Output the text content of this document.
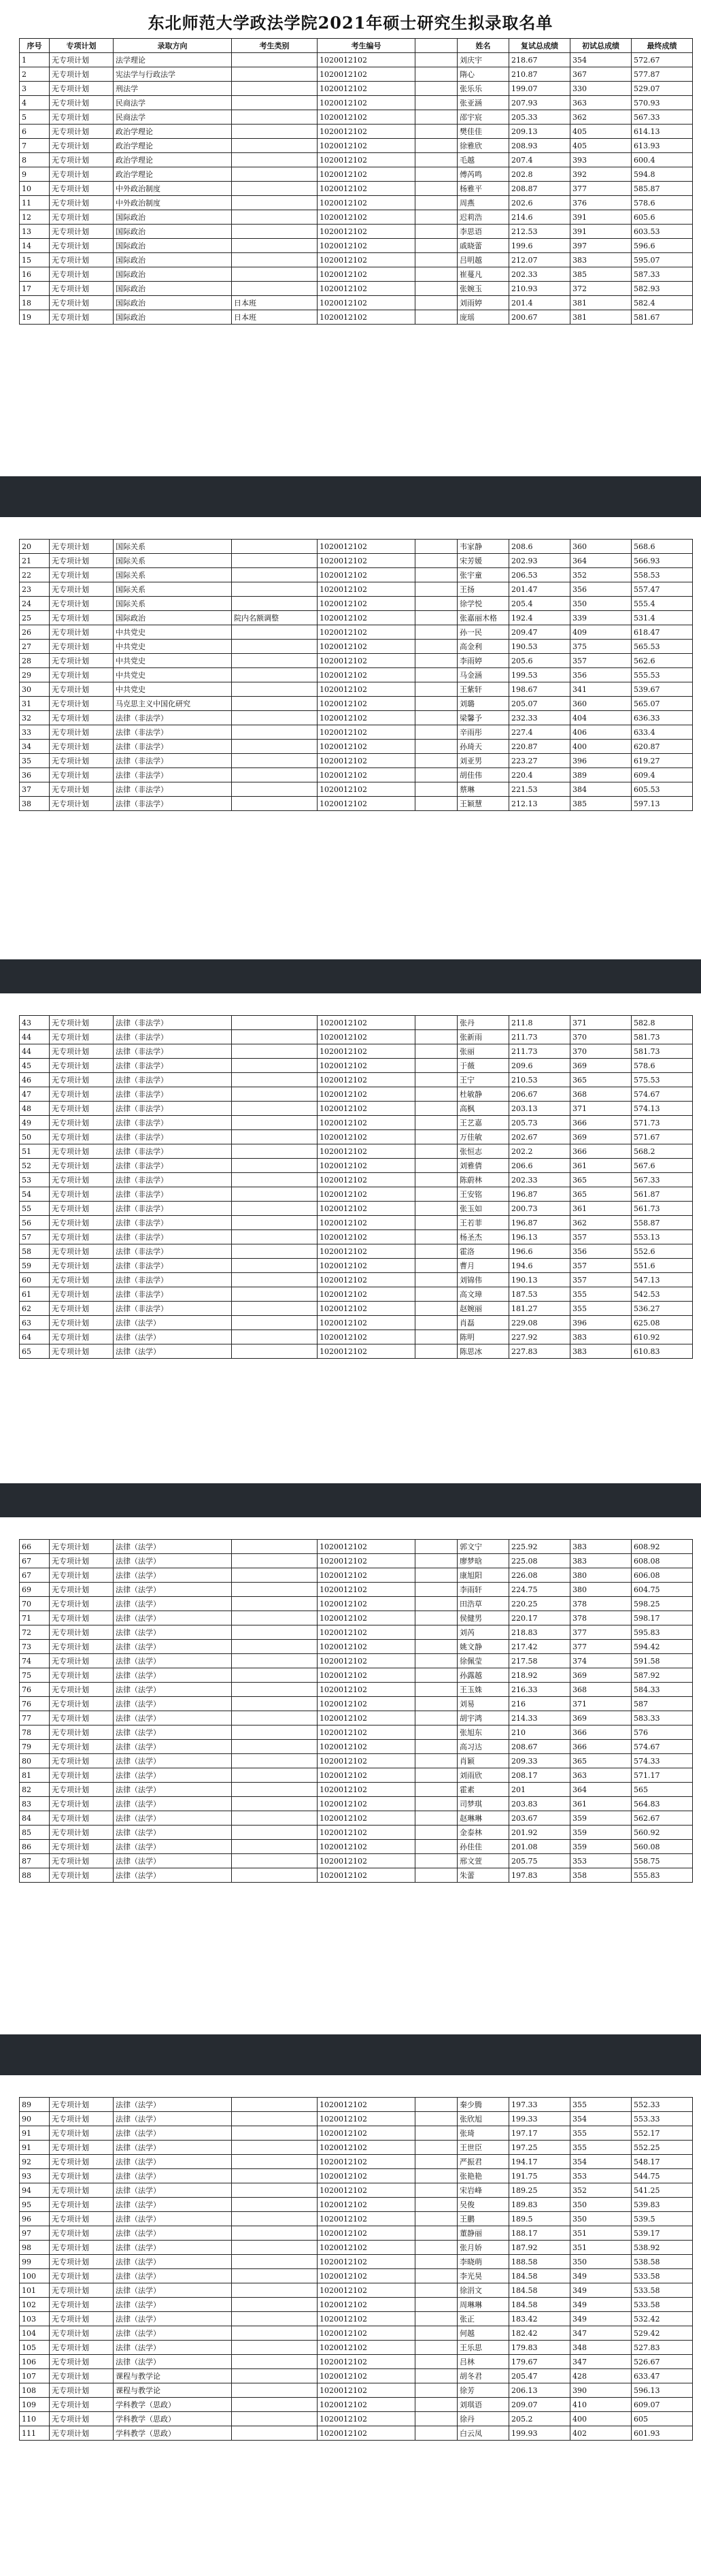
东北师范大学政法学院2021年硕士研究生拟录取名单
序号	专项计划	录取方向	考生类别	考生编号		姓名	复试总成绩	初试总成绩	最终成绩
1	无专项计划	法学理论		1020012102		刘庆宇	218.67	354	572.67
2	无专项计划	宪法学与行政法学		1020012102		隋心	210.87	367	577.87
3	无专项计划	刑法学		1020012102		张乐乐	199.07	330	529.07
4	无专项计划	民商法学		1020012102		张亚涵	207.93	363	570.93
5	无专项计划	民商法学		1020012102		邵宇宸	205.33	362	567.33
6	无专项计划	政治学理论		1020012102		樊佳佳	209.13	405	614.13
7	无专项计划	政治学理论		1020012102		徐雅欣	208.93	405	613.93
8	无专项计划	政治学理论		1020012102		毛越	207.4	393	600.4
9	无专项计划	政治学理论		1020012102		傅芮鸣	202.8	392	594.8
10	无专项计划	中外政治制度		1020012102		杨雅平	208.87	377	585.87
11	无专项计划	中外政治制度		1020012102		周燕	202.6	376	578.6
12	无专项计划	国际政治		1020012102		迟莉浩	214.6	391	605.6
13	无专项计划	国际政治		1020012102		李思语	212.53	391	603.53
14	无专项计划	国际政治		1020012102		戚晓蕾	199.6	397	596.6
15	无专项计划	国际政治		1020012102		吕明越	212.07	383	595.07
16	无专项计划	国际政治		1020012102		崔蔓凡	202.33	385	587.33
17	无专项计划	国际政治		1020012102		张婉玉	210.93	372	582.93
18	无专项计划	国际政治	日本班	1020012102		刘雨婷	201.4	381	582.4
19	无专项计划	国际政治	日本班	1020012102		庞瑶	200.67	381	581.67
20	无专项计划	国际关系		1020012102		韦家静	208.6	360	568.6
21	无专项计划	国际关系		1020012102		宋芳媛	202.93	364	566.93
22	无专项计划	国际关系		1020012102		张宇童	206.53	352	558.53
23	无专项计划	国际关系		1020012102		王扬	201.47	356	557.47
24	无专项计划	国际关系		1020012102		徐学悦	205.4	350	555.4
25	无专项计划	国际政治	院内名额调整	1020012102		张嘉丽木格	192.4	339	531.4
26	无专项计划	中共党史		1020012102		孙一民	209.47	409	618.47
27	无专项计划	中共党史		1020012102		高金利	190.53	375	565.53
28	无专项计划	中共党史		1020012102		李雨婷	205.6	357	562.6
29	无专项计划	中共党史		1020012102		马金涵	199.53	356	555.53
30	无专项计划	中共党史		1020012102		王紫轩	198.67	341	539.67
31	无专项计划	马克思主义中国化研究		1020012102		刘璐	205.07	360	565.07
32	无专项计划	法律（非法学）		1020012102		梁馨予	232.33	404	636.33
33	无专项计划	法律（非法学）		1020012102		辛雨彤	227.4	406	633.4
34	无专项计划	法律（非法学）		1020012102		孙琦天	220.87	400	620.87
35	无专项计划	法律（非法学）		1020012102		刘亚男	223.27	396	619.27
36	无专项计划	法律（非法学）		1020012102		胡佳伟	220.4	389	609.4
37	无专项计划	法律（非法学）		1020012102		蔡琳	221.53	384	605.53
38	无专项计划	法律（非法学）		1020012102		王颖慧	212.13	385	597.13
43	无专项计划	法律（非法学）		1020012102		张丹	211.8	371	582.8
44	无专项计划	法律（非法学）		1020012102		张新雨	211.73	370	581.73
44	无专项计划	法律（非法学）		1020012102		张丽	211.73	370	581.73
45	无专项计划	法律（非法学）		1020012102		于薇	209.6	369	578.6
46	无专项计划	法律（非法学）		1020012102		王宁	210.53	365	575.53
47	无专项计划	法律（非法学）		1020012102		杜敏静	206.67	368	574.67
48	无专项计划	法律（非法学）		1020012102		高枫	203.13	371	574.13
49	无专项计划	法律（非法学）		1020012102		王艺嘉	205.73	366	571.73
50	无专项计划	法律（非法学）		1020012102		万佳敏	202.67	369	571.67
51	无专项计划	法律（非法学）		1020012102		张恒志	202.2	366	568.2
52	无专项计划	法律（非法学）		1020012102		刘雅倩	206.6	361	567.6
53	无专项计划	法律（非法学）		1020012102		陈蔚林	202.33	365	567.33
54	无专项计划	法律（非法学）		1020012102		王安铭	196.87	365	561.87
55	无专项计划	法律（非法学）		1020012102		张玉如	200.73	361	561.73
56	无专项计划	法律（非法学）		1020012102		王若菲	196.87	362	558.87
57	无专项计划	法律（非法学）		1020012102		杨圣杰	196.13	357	553.13
58	无专项计划	法律（非法学）		1020012102		霍洛	196.6	356	552.6
59	无专项计划	法律（非法学）		1020012102		曹月	194.6	357	551.6
60	无专项计划	法律（非法学）		1020012102		刘锦伟	190.13	357	547.13
61	无专项计划	法律（非法学）		1020012102		高文璋	187.53	355	542.53
62	无专项计划	法律（非法学）		1020012102		赵婉丽	181.27	355	536.27
63	无专项计划	法律（法学）		1020012102		肖磊	229.08	396	625.08
64	无专项计划	法律（法学）		1020012102		陈明	227.92	383	610.92
65	无专项计划	法律（法学）		1020012102		陈思冰	227.83	383	610.83
66	无专项计划	法律（法学）		1020012102		郭文宁	225.92	383	608.92
67	无专项计划	法律（法学）		1020012102		廖梦晗	225.08	383	608.08
67	无专项计划	法律（法学）		1020012102		康旭阳	226.08	380	606.08
69	无专项计划	法律（法学）		1020012102		李雨轩	224.75	380	604.75
70	无专项计划	法律（法学）		1020012102		田浩草	220.25	378	598.25
71	无专项计划	法律（法学）		1020012102		侯健男	220.17	378	598.17
72	无专项计划	法律（法学）		1020012102		刘芮	218.83	377	595.83
73	无专项计划	法律（法学）		1020012102		姚文静	217.42	377	594.42
74	无专项计划	法律（法学）		1020012102		徐佩莹	217.58	374	591.58
75	无专项计划	法律（法学）		1020012102		孙露越	218.92	369	587.92
76	无专项计划	法律（法学）		1020012102		王玉姝	216.33	368	584.33
76	无专项计划	法律（法学）		1020012102		刘易	216	371	587
77	无专项计划	法律（法学）		1020012102		胡宇鸿	214.33	369	583.33
78	无专项计划	法律（法学）		1020012102		张旭东	210	366	576
79	无专项计划	法律（法学）		1020012102		高习达	208.67	366	574.67
80	无专项计划	法律（法学）		1020012102		肖颖	209.33	365	574.33
81	无专项计划	法律（法学）		1020012102		刘雨欣	208.17	363	571.17
82	无专项计划	法律（法学）		1020012102		霍素	201	364	565
83	无专项计划	法律（法学）		1020012102		司梦琪	203.83	361	564.83
84	无专项计划	法律（法学）		1020012102		赵琳琳	203.67	359	562.67
85	无专项计划	法律（法学）		1020012102		金泰林	201.92	359	560.92
86	无专项计划	法律（法学）		1020012102		孙佳佳	201.08	359	560.08
87	无专项计划	法律（法学）		1020012102		邢文萱	205.75	353	558.75
88	无专项计划	法律（法学）		1020012102		朱蕾	197.83	358	555.83
89	无专项计划	法律（法学）		1020012102		秦少腾	197.33	355	552.33
90	无专项计划	法律（法学）		1020012102		张欣旭	199.33	354	553.33
91	无专项计划	法律（法学）		1020012102		张琦	197.17	355	552.17
91	无专项计划	法律（法学）		1020012102		王世臣	197.25	355	552.25
92	无专项计划	法律（法学）		1020012102		严振君	194.17	354	548.17
93	无专项计划	法律（法学）		1020012102		张艳艳	191.75	353	544.75
94	无专项计划	法律（法学）		1020012102		宋岩峰	189.25	352	541.25
95	无专项计划	法律（法学）		1020012102		吴俊	189.83	350	539.83
96	无专项计划	法律（法学）		1020012102		王鹏	189.5	350	539.5
97	无专项计划	法律（法学）		1020012102		董静丽	188.17	351	539.17
98	无专项计划	法律（法学）		1020012102		张月娇	187.92	351	538.92
99	无专项计划	法律（法学）		1020012102		李晓萌	188.58	350	538.58
100	无专项计划	法律（法学）		1020012102		李光昊	184.58	349	533.58
101	无专项计划	法律（法学）		1020012102		徐涓文	184.58	349	533.58
102	无专项计划	法律（法学）		1020012102		周琳琳	184.58	349	533.58
103	无专项计划	法律（法学）		1020012102		张正	183.42	349	532.42
104	无专项计划	法律（法学）		1020012102		何越	182.42	347	529.42
105	无专项计划	法律（法学）		1020012102		王乐思	179.83	348	527.83
106	无专项计划	法律（法学）		1020012102		吕林	179.67	347	526.67
107	无专项计划	课程与教学论		1020012102		胡冬君	205.47	428	633.47
108	无专项计划	课程与教学论		1020012102		徐芳	206.13	390	596.13
109	无专项计划	学科教学（思政）		1020012102		刘琪语	209.07	410	609.07
110	无专项计划	学科教学（思政）		1020012102		徐丹	205.2	400	605
111	无专项计划	学科教学（思政）		1020012102		白云凤	199.93	402	601.93
